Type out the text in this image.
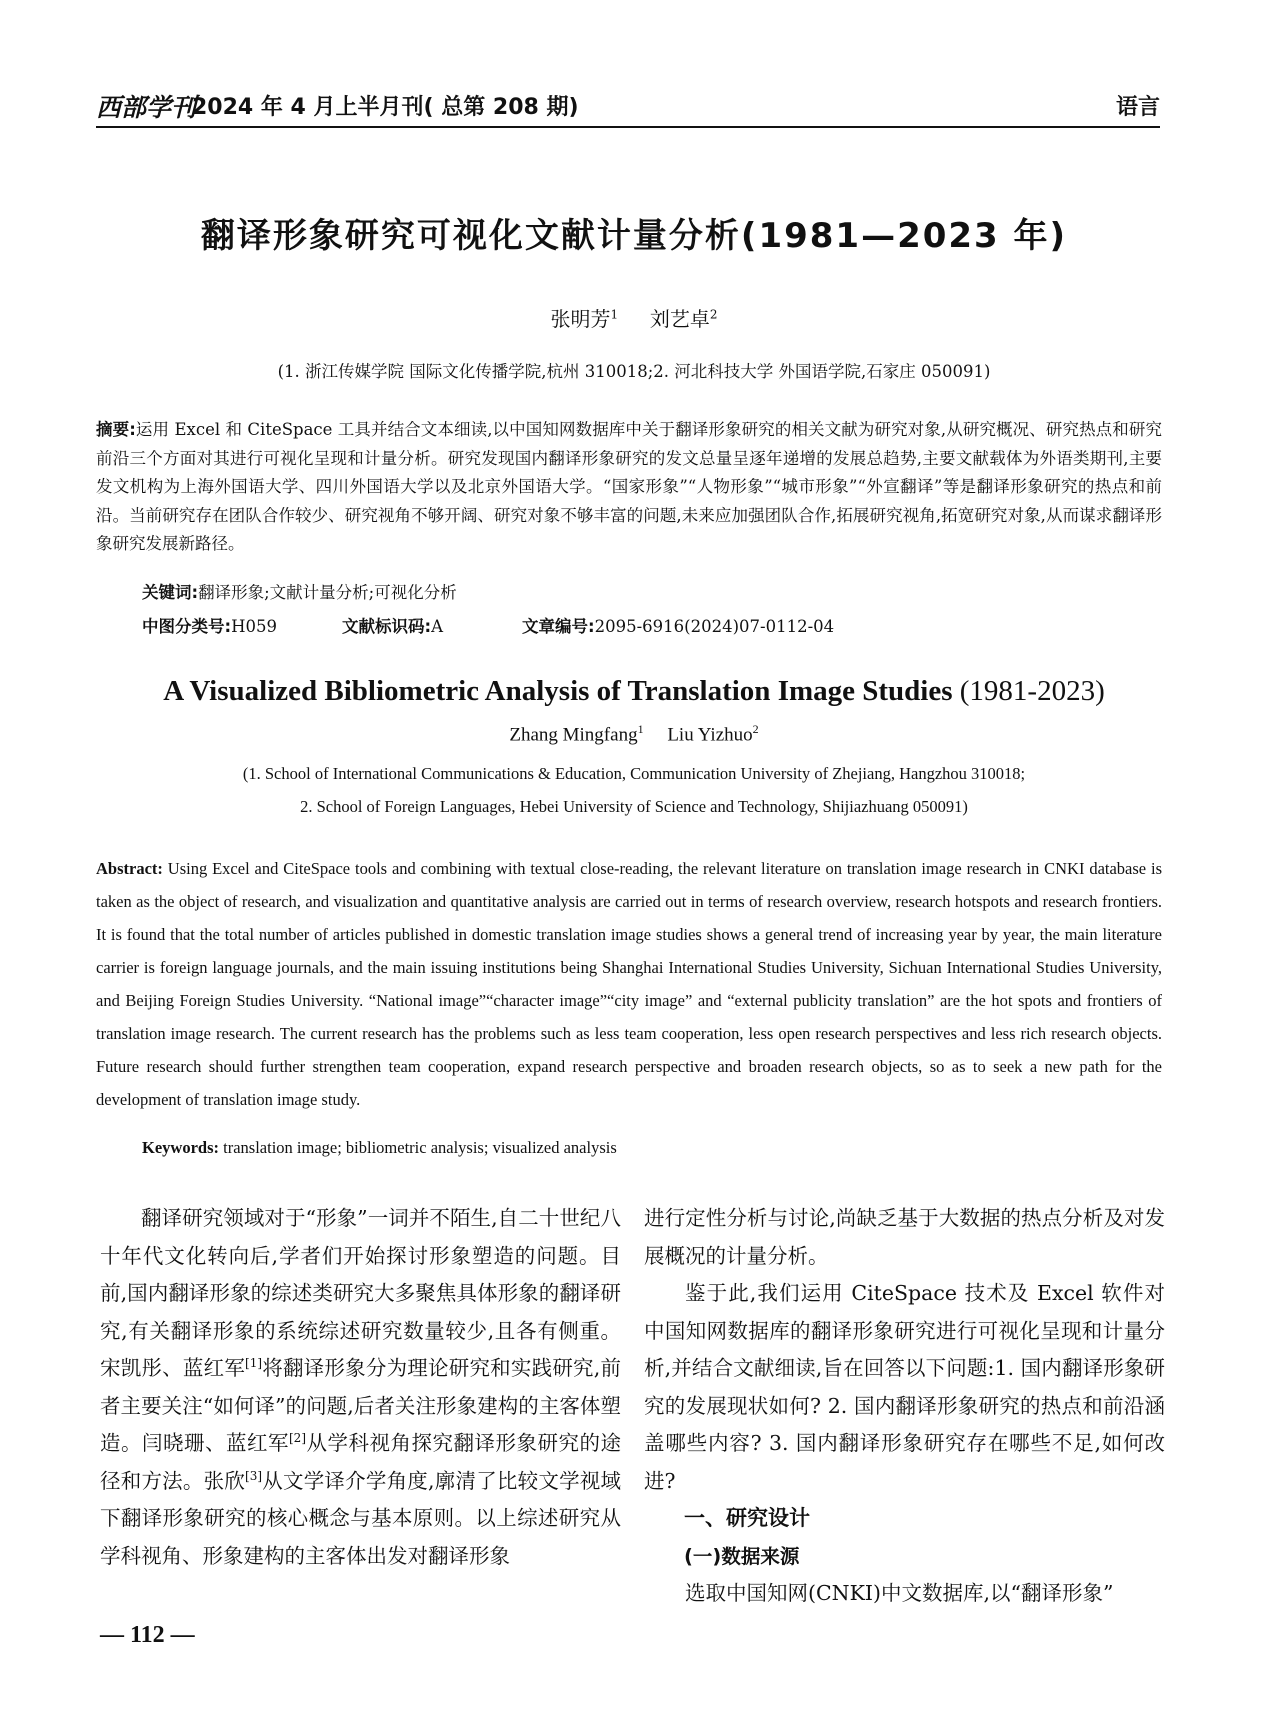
西部学刊
2024 年 4 月上半月刊( 总第 208 期)	语言
翻译形象研究可视化文献计量分析(1981—2023 年)
张明芳$^1$ 刘艺卓$^2$
(1. 浙江传媒学院 国际文化传播学院,杭州 310018;2. 河北科技大学 外国语学院,石家庄 050091)
摘要:运用 Excel 和 CiteSpace 工具并结合文本细读,以中国知网数据库中关于翻译形象研究的相关文献为研究对象,从研究概况、研究热点和研究前沿三个方面对其进行可视化呈现和计量分析。研究发现国内翻译形象研究的发文总量呈逐年递增的发展总趋势,主要文献载体为外语类期刊,主要发文机构为上海外国语大学、四川外国语大学以及北京外国语大学。“国家形象”“人物形象”“城市形象”“外宣翻译”等是翻译形象研究的热点和前沿。当前研究存在团队合作较少、研究视角不够开阔、研究对象不够丰富的问题,未来应加强团队合作,拓展研究视角,拓宽研究对象,从而谋求翻译形象研究发展新路径。
关键词:翻译形象;文献计量分析;可视化分析
中图分类号:H059	文献标识码:A	文章编号:2095-6916(2024)07-0112-04
A Visualized Bibliometric Analysis of Translation Image Studies (1981-2023)
Zhang Mingfang$^1$ Liu Yizhuo$^2$
(1. School of International Communications & Education, Communication University of Zhejiang, Hangzhou 310018;
2. School of Foreign Languages, Hebei University of Science and Technology, Shijiazhuang 050091)
Abstract: Using Excel and CiteSpace tools and combining with textual close-reading, the relevant literature on translation image research in CNKI database is taken as the object of research, and visualization and quantitative analysis are carried out in terms of research overview, research hotspots and research frontiers. It is found that the total number of articles published in domestic translation image studies shows a general trend of increasing year by year, the main literature carrier is foreign language journals, and the main issuing institutions being Shanghai International Studies University, Sichuan International Studies University, and Beijing Foreign Studies University. “National image”“character image”“city image” and “external publicity translation” are the hot spots and frontiers of translation image research. The current research has the problems such as less team cooperation, less open research perspectives and less rich research objects. Future research should further strengthen team cooperation, expand research perspective and broaden research objects, so as to seek a new path for the development of translation image study.
Keywords: translation image; bibliometric analysis; visualized analysis

翻译研究领域对于“形象”一词并不陌生,自二十世纪八十年代文化转向后,学者们开始探讨形象塑造的问题。目前,国内翻译形象的综述类研究大多聚焦具体形象的翻译研究,有关翻译形象的系统综述研究数量较少,且各有侧重。宋凯彤、蓝红军[1]将翻译形象分为理论研究和实践研究,前者主要关注“如何译”的问题,后者关注形象建构的主客体塑造。闫晓珊、蓝红军[2]从学科视角探究翻译形象研究的途径和方法。张欣[3]从文学译介学角度,廓清了比较文学视域下翻译形象研究的核心概念与基本原则。以上综述研究从学科视角、形象建构的主客体出发对翻译形象

进行定性分析与讨论,尚缺乏基于大数据的热点分析及对发展概况的计量分析。

鉴于此,我们运用 CiteSpace 技术及 Excel 软件对中国知网数据库的翻译形象研究进行可视化呈现和计量分析,并结合文献细读,旨在回答以下问题:1. 国内翻译形象研究的发展现状如何? 2. 国内翻译形象研究的热点和前沿涵盖哪些内容? 3. 国内翻译形象研究存在哪些不足,如何改进?

一、研究设计

(一)数据来源

选取中国知网(CNKI)中文数据库,以“翻译形象”

— 112 —
